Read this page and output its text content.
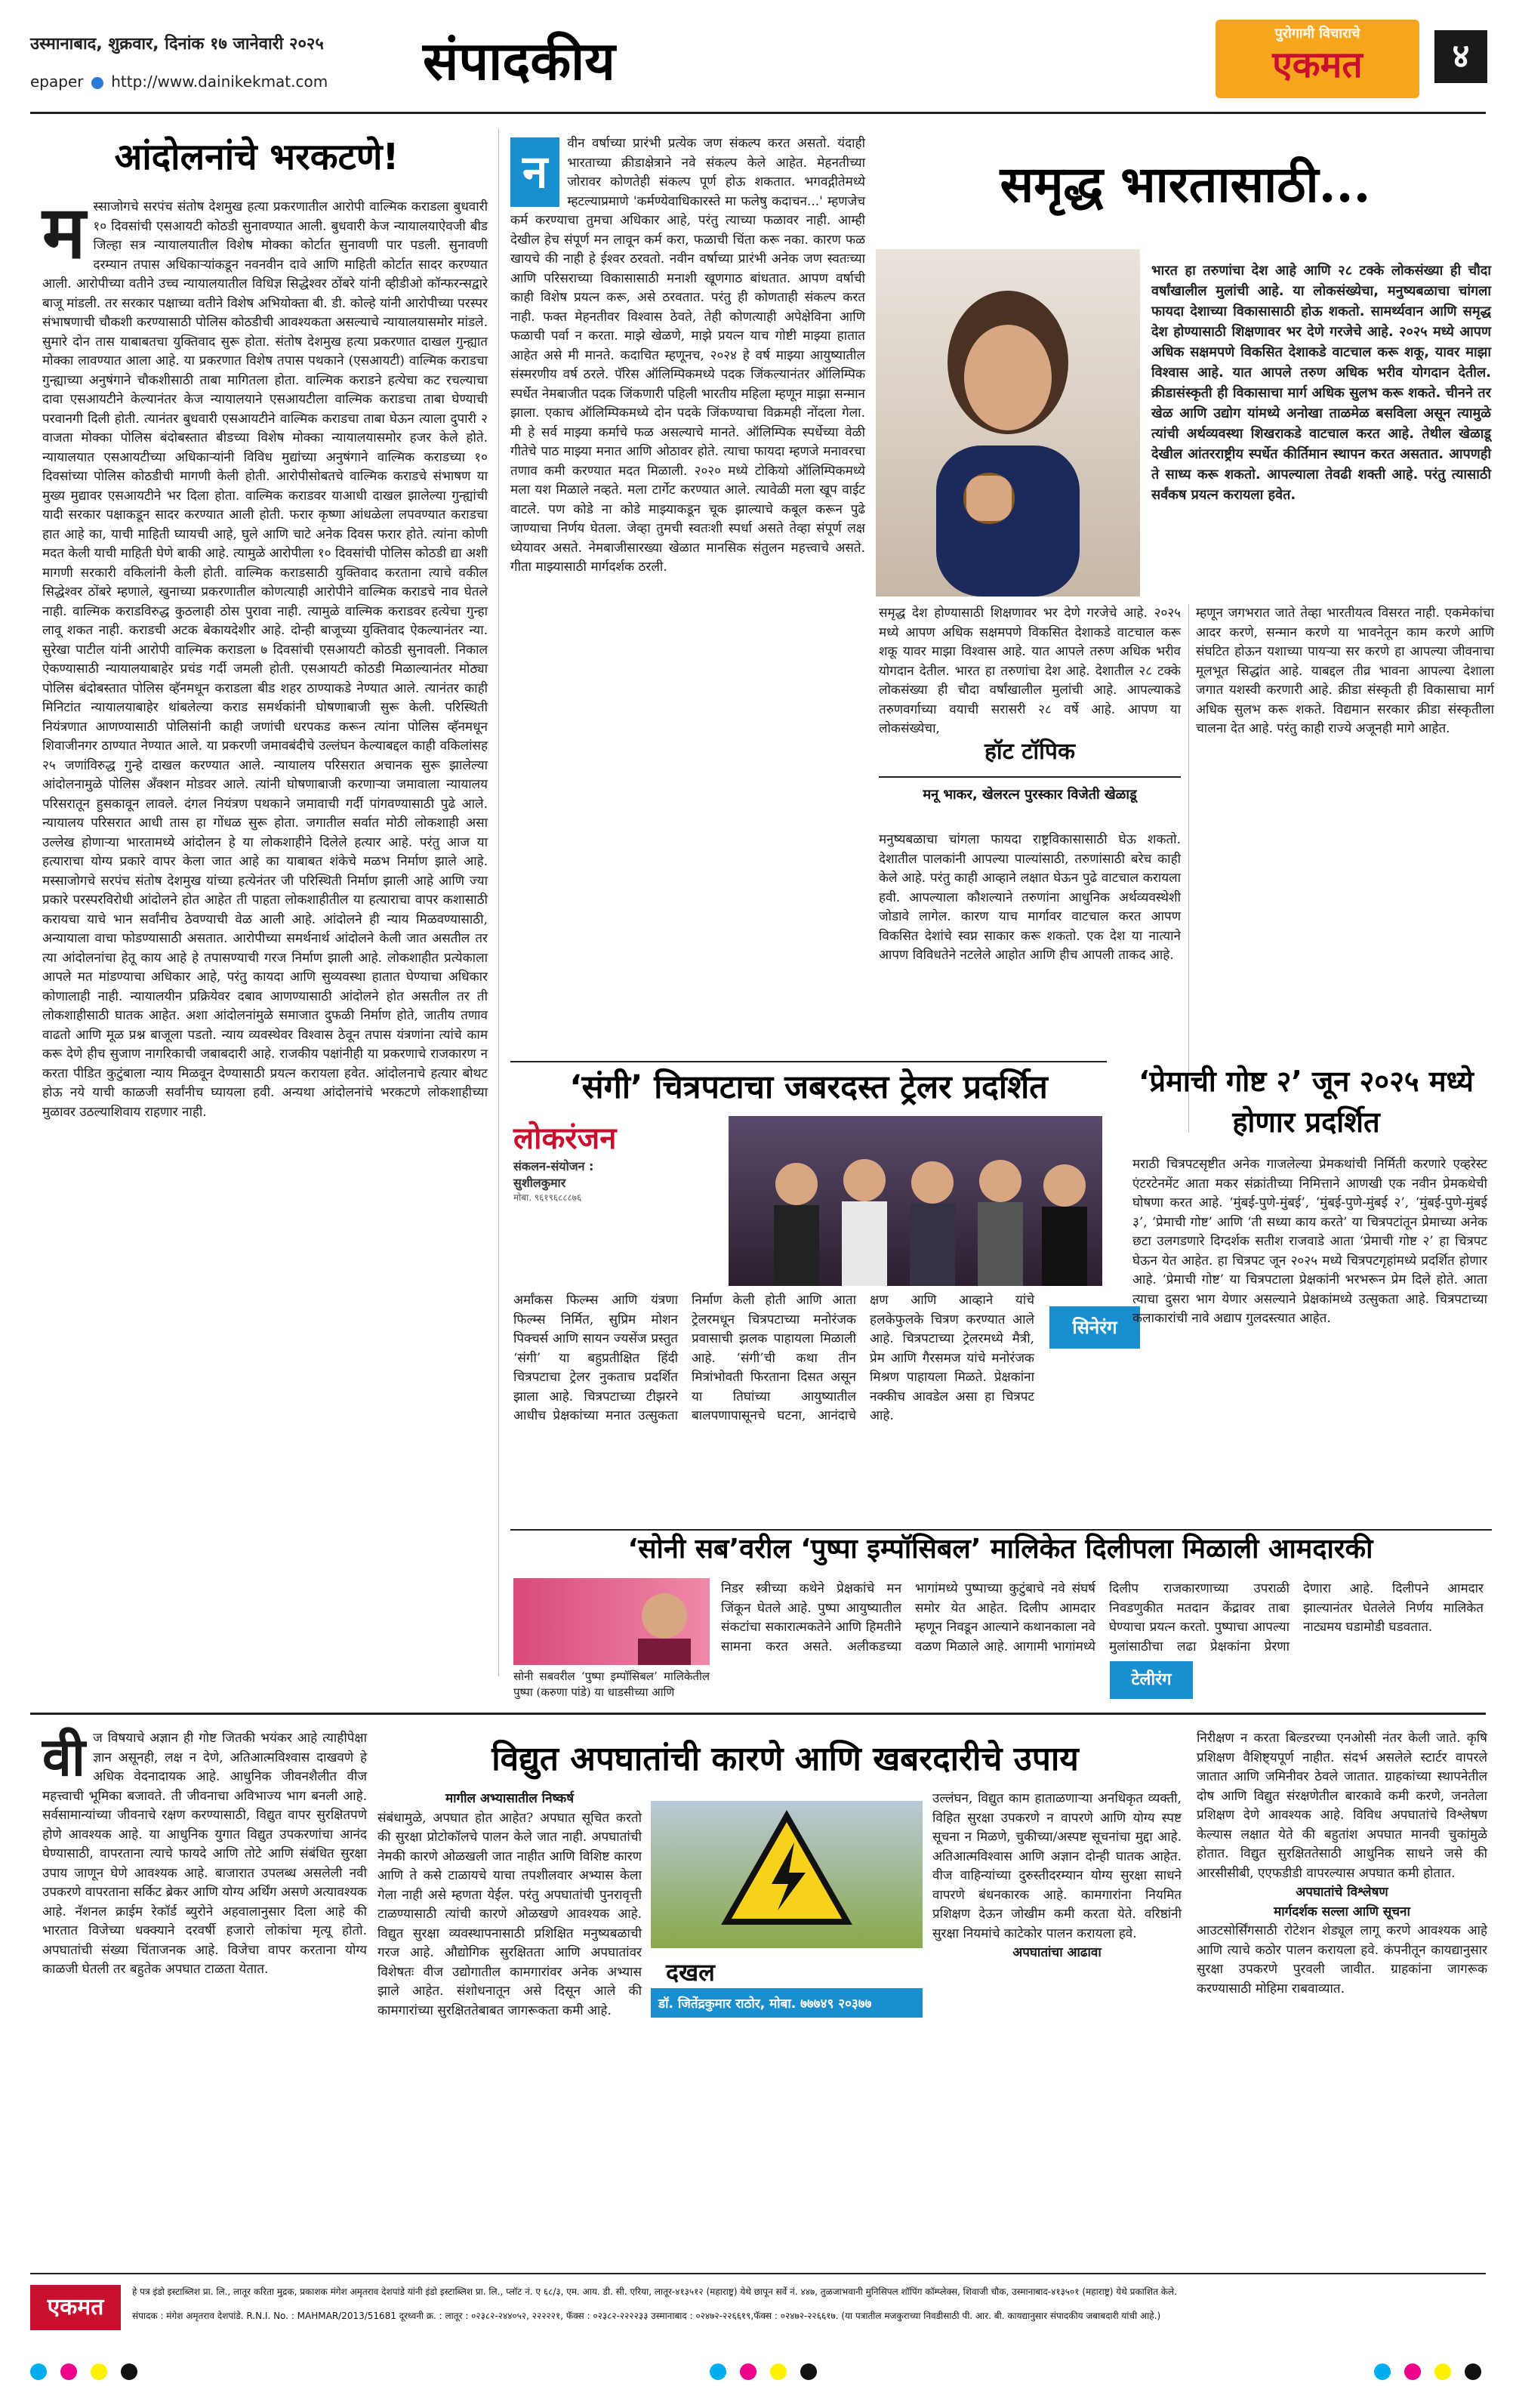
उस्मानाबाद, शुक्रवार, दिनांक १७ जानेवारी २०२५
epaper http://www.dainikekmat.com संपादकीय	पुरोगामी विचाराचे
एकमत	४
आंदोलनांचे भरकटणे!
म स्साजोगचे सरपंच संतोष देशमुख हत्या प्रकरणातील आरोपी वाल्मिक कराडला बुधवारी १० दिवसांची एसआयटी कोठडी सुनावण्यात आली. बुधवारी केज न्यायालयाऐवजी बीड जिल्हा सत्र न्यायालयातील विशेष मोक्का कोर्टात सुनावणी पार पडली. सुनावणी दरम्यान तपास अधिकाऱ्यांकडून नवनवीन दावे आणि माहिती कोर्टात सादर करण्यात आली. आरोपीच्या वतीने उच्च न्यायालयातील विधिज्ञ सिद्धेश्वर ठोंबरे यांनी व्हीडीओ कॉन्फरन्सद्वारे बाजू मांडली. तर सरकार पक्षाच्या वतीने विशेष अभियोक्ता बी. डी. कोल्हे यांनी आरोपीच्या परस्पर संभाषणाची चौकशी करण्यासाठी पोलिस कोठडीची आवश्यकता असल्याचे न्यायालयासमोर मांडले. सुमारे दोन तास याबाबतचा युक्तिवाद सुरू होता. संतोष देशमुख हत्या प्रकरणात दाखल गुन्ह्यात मोक्का लावण्यात आला आहे. या प्रकरणात विशेष तपास पथकाने (एसआयटी) वाल्मिक कराडचा गुन्ह्याच्या अनुषंगाने चौकशीसाठी ताबा मागितला होता. वाल्मिक कराडने हत्येचा कट रचल्याचा दावा एसआयटीने केल्यानंतर केज न्यायालयाने एसआयटीला वाल्मिक कराडचा ताबा घेण्याची परवानगी दिली होती. त्यानंतर बुधवारी एसआयटीने वाल्मिक कराडचा ताबा घेऊन त्याला दुपारी २ वाजता मोक्का पोलिस बंदोबस्तात बीडच्या विशेष मोक्का न्यायालयासमोर हजर केले होते. न्यायालयात एसआयटीच्या अधिकाऱ्यांनी विविध मुद्यांच्या अनुषंगाने वाल्मिक कराडच्या १० दिवसांच्या पोलिस कोठडीची मागणी केली होती. आरोपीसोबतचे वाल्मिक कराडचे संभाषण या मुख्य मुद्यावर एसआयटीने भर दिला होता. वाल्मिक कराडवर याआधी दाखल झालेल्या गुन्ह्यांची यादी सरकार पक्षाकडून सादर करण्यात आली होती. फरार कृष्णा आंधळेला लपवण्यात कराडचा हात आहे का, याची माहिती घ्यायची आहे, घुले आणि चाटे अनेक दिवस फरार होते. त्यांना कोणी मदत केली याची माहिती घेणे बाकी आहे. त्यामुळे आरोपीला १० दिवसांची पोलिस कोठडी द्या अशी मागणी सरकारी वकिलांनी केली होती. वाल्मिक कराडसाठी युक्तिवाद करताना त्याचे वकील सिद्धेश्वर ठोंबरे म्हणाले, खुनाच्या प्रकरणातील कोणत्याही आरोपीने वाल्मिक कराडचे नाव घेतले नाही. वाल्मिक कराडविरुद्ध कुठलाही ठोस पुरावा नाही. त्यामुळे वाल्मिक कराडवर हत्येचा गुन्हा लावू शकत नाही. कराडची अटक बेकायदेशीर आहे. दोन्ही बाजूच्या युक्तिवाद ऐकल्यानंतर न्या. सुरेखा पाटील यांनी आरोपी वाल्मिक कराडला ७ दिवसांची एसआयटी कोठडी सुनावली. निकाल ऐकण्यासाठी न्यायालयाबाहेर प्रचंड गर्दी जमली होती. एसआयटी कोठडी मिळाल्यानंतर मोठ्या पोलिस बंदोबस्तात पोलिस व्हॅनमधून कराडला बीड शहर ठाण्याकडे नेण्यात आले. त्यानंतर काही मिनिटांत न्यायालयाबाहेर थांबलेल्या कराड समर्थकांनी घोषणाबाजी सुरू केली. परिस्थिती नियंत्रणात आणण्यासाठी पोलिसांनी काही जणांची धरपकड करून त्यांना पोलिस व्हॅनमधून शिवाजीनगर ठाण्यात नेण्यात आले. या प्रकरणी जमावबंदीचे उल्लंघन केल्याबद्दल काही वकिलांसह २५ जणांविरुद्ध गुन्हे दाखल करण्यात आले. न्यायालय परिसरात अचानक सुरू झालेल्या आंदोलनामुळे पोलिस अँक्शन मोडवर आले. त्यांनी घोषणाबाजी करणाऱ्या जमावाला न्यायालय परिसरातून हुसकावून लावले. दंगल नियंत्रण पथकाने जमावाची गर्दी पांगवण्यासाठी पुढे आले. न्यायालय परिसरात आधी तास हा गोंधळ सुरू होता. जगातील सर्वात मोठी लोकशाही असा उल्लेख होणाऱ्या भारतामध्ये आंदोलन हे या लोकशाहीने दिलेले हत्यार आहे. परंतु आज या हत्याराचा योग्य प्रकारे वापर केला जात आहे का याबाबत शंकेचे मळभ निर्माण झाले आहे. मस्साजोगचे सरपंच संतोष देशमुख यांच्या हत्येनंतर जी परिस्थिती निर्माण झाली आहे आणि ज्या प्रकारे परस्परविरोधी आंदोलने होत आहेत ती पाहता लोकशाहीतील या हत्याराचा वापर कशासाठी करायचा याचे भान सर्वांनीच ठेवण्याची वेळ आली आहे. आंदोलने ही न्याय मिळवण्यासाठी, अन्यायाला वाचा फोडण्यासाठी असतात. आरोपीच्या समर्थनार्थ आंदोलने केली जात असतील तर त्या आंदोलनांचा हेतू काय आहे हे तपासण्याची गरज निर्माण झाली आहे. लोकशाहीत प्रत्येकाला आपले मत मांडण्याचा अधिकार आहे, परंतु कायदा आणि सुव्यवस्था हातात घेण्याचा अधिकार कोणालाही नाही. न्यायालयीन प्रक्रियेवर दबाव आणण्यासाठी आंदोलने होत असतील तर ती लोकशाहीसाठी घातक आहेत. अशा आंदोलनांमुळे समाजात दुफळी निर्माण होते, जातीय तणाव वाढतो आणि मूळ प्रश्न बाजूला पडतो. न्याय व्यवस्थेवर विश्वास ठेवून तपास यंत्रणांना त्यांचे काम करू देणे हीच सुजाण नागरिकाची जबाबदारी आहे. राजकीय पक्षांनीही या प्रकरणाचे राजकारण न करता पीडित कुटुंबाला न्याय मिळवून देण्यासाठी प्रयत्न करायला हवेत. आंदोलनाचे हत्यार बोथट होऊ नये याची काळजी सर्वांनीच घ्यायला हवी. अन्यथा आंदोलनांचे भरकटणे लोकशाहीच्या मुळावर उठल्याशिवाय राहणार नाही.
न
वीन वर्षाच्या प्रारंभी प्रत्येक जण संकल्प करत असतो. यंदाही भारताच्या क्रीडाक्षेत्राने नवे संकल्प केले आहेत. मेहनतीच्या जोरावर कोणतेही संकल्प पूर्ण होऊ शकतात. भगवद्गीतेमध्ये म्हटल्याप्रमाणे 'कर्मण्येवाधिकारस्ते मा फलेषु कदाचन...' म्हणजेच कर्म करण्याचा तुमचा अधिकार आहे, परंतु त्याच्या फळावर नाही. आम्ही देखील हेच संपूर्ण मन लावून कर्म करा, फळाची चिंता करू नका. कारण फळ खायचे की नाही हे ईश्वर ठरवतो. नवीन वर्षाच्या प्रारंभी अनेक जण स्वतःच्या आणि परिसराच्या विकासासाठी मनाशी खूणगाठ बांधतात. आपण वर्षाची काही विशेष प्रयत्न करू, असे ठरवतात. परंतु ही कोणताही संकल्प करत नाही. फक्त मेहनतीवर विश्वास ठेवते, तेही कोणत्याही अपेक्षेविना आणि फळाची पर्वा न करता. माझे खेळणे, माझे प्रयत्न याच गोष्टी माझ्या हातात आहेत असे मी मानते. कदाचित म्हणूनच, २०२४ हे वर्ष माझ्या आयुष्यातील संस्मरणीय वर्ष ठरले. पॅरिस ऑलिम्पिकमध्ये पदक जिंकल्यानंतर ऑलिम्पिक स्पर्धेत नेमबाजीत पदक जिंकणारी पहिली भारतीय महिला म्हणून माझा सन्मान झाला. एकाच ऑलिम्पिकमध्ये दोन पदके जिंकण्याचा विक्रमही नोंदला गेला. मी हे सर्व माझ्या कर्माचे फळ असल्याचे मानते. ऑलिम्पिक स्पर्धेच्या वेळी गीतेचे पाठ माझ्या मनात आणि ओठावर होते. त्याचा फायदा म्हणजे मनावरचा तणाव कमी करण्यात मदत मिळाली. २०२० मध्ये टोकियो ऑलिम्पिकमध्ये मला यश मिळाले नव्हते. मला टार्गेट करण्यात आले. त्यावेळी मला खूप वाईट वाटले. पण कोडे ना कोडे माझ्याकडून चूक झाल्याचे कबूल करून पुढे जाण्याचा निर्णय घेतला. जेव्हा तुमची स्वतःशी स्पर्धा असते तेव्हा संपूर्ण लक्ष ध्येयावर असते. नेमबाजीसारख्या खेळात मानसिक संतुलन महत्त्वाचे असते. गीता माझ्यासाठी मार्गदर्शक ठरली.
समृद्ध भारतासाठी...
भारत हा तरुणांचा देश आहे आणि २८ टक्के लोकसंख्या ही चौदा वर्षांखालील मुलांची आहे. या लोकसंख्येचा, मनुष्यबळाचा चांगला फायदा देशाच्या विकासासाठी होऊ शकतो. सामर्थ्यवान आणि समृद्ध देश होण्यासाठी शिक्षणावर भर देणे गरजेचे आहे. २०२५ मध्ये आपण अधिक सक्षमपणे विकसित देशाकडे वाटचाल करू शकू, यावर माझा विश्वास आहे. यात आपले तरुण अधिक भरीव योगदान देतील. क्रीडासंस्कृती ही विकासाचा मार्ग अधिक सुलभ करू शकते. चीनने तर खेळ आणि उद्योग यांमध्ये अनोखा ताळमेळ बसविला असून त्यामुळे त्यांची अर्थव्यवस्था शिखराकडे वाटचाल करत आहे. तेथील खेळाडू देखील आंतरराष्ट्रीय स्पर्धेत कीर्तिमान स्थापन करत असतात. आपणही ते साध्य करू शकतो. आपल्याला तेवढी शक्ती आहे. परंतु त्यासाठी सर्वंकष प्रयत्न करायला हवेत.
समृद्ध देश होण्यासाठी शिक्षणावर भर देणे गरजेचे आहे. २०२५ मध्ये आपण अधिक सक्षमपणे विकसित देशाकडे वाटचाल करू शकू यावर माझा विश्वास आहे. यात आपले तरुण अधिक भरीव योगदान देतील. भारत हा तरुणांचा देश आहे. देशातील २८ टक्के लोकसंख्या ही चौदा वर्षांखालील मुलांची आहे. आपल्याकडे तरुणवर्गाच्या वयाची सरासरी २८ वर्षे आहे. आपण या लोकसंख्येचा,
म्हणून जगभरात जाते तेव्हा भारतीयत्व विसरत नाही. एकमेकांचा आदर करणे, सन्मान करणे या भावनेतून काम करणे आणि संघटित होऊन यशाच्या पायऱ्या सर करणे हा आपल्या जीवनाचा मूलभूत सिद्धांत आहे. याबद्दल तीव्र भावना आपल्या देशाला जगात यशस्वी करणारी आहे. क्रीडा संस्कृती ही विकासाचा मार्ग अधिक सुलभ करू शकते. विद्यमान सरकार क्रीडा संस्कृतीला चालना देत आहे. परंतु काही राज्ये अजूनही मागे आहेत.
हॉट टॉपिक
मनू भाकर, खेलरत्न पुरस्कार विजेती खेळाडू
मनुष्यबळाचा चांगला फायदा राष्ट्रविकासासाठी घेऊ शकतो. देशातील पालकांनी आपल्या पाल्यांसाठी, तरुणांसाठी बरेच काही केले आहे. परंतु काही आव्हाने लक्षात घेऊन पुढे वाटचाल करायला हवी. आपल्याला कौशल्याने तरुणांना आधुनिक अर्थव्यवस्थेशी जोडावे लागेल. कारण याच मार्गावर वाटचाल करत आपण विकसित देशांचे स्वप्न साकार करू शकतो. एक देश या नात्याने आपण विविधतेने नटलेले आहोत आणि हीच आपली ताकद आहे.
‘संगी’ चित्रपटाचा जबरदस्त ट्रेलर प्रदर्शित
लोकरंजन
संकलन-संयोजन :
सुशीलकुमार
मोबा. ९६१९६८८८७६
अर्मांकस फिल्म्स आणि यंत्रणा फिल्म्स निर्मित, सुप्रिम मोशन पिक्चर्स आणि सायन ज्यसेंज प्रस्तुत ‘संगी’ या बहुप्रतीक्षित हिंदी चित्रपटाचा ट्रेलर नुकताच प्रदर्शित झाला आहे. चित्रपटाच्या टीझरने आधीच प्रेक्षकांच्या मनात उत्सुकता निर्माण केली होती आणि आता ट्रेलरमधून चित्रपटाच्या मनोरंजक प्रवासाची झलक पाहायला मिळाली आहे. ‘संगी’ची कथा तीन मित्रांभोवती फिरताना दिसत असून या तिघांच्या आयुष्यातील बालपणापासूनचे घटना, आनंदाचे क्षण आणि आव्हाने यांचे हलकेफुलके चित्रण करण्यात आले आहे. चित्रपटाच्या ट्रेलरमध्ये मैत्री, प्रेम आणि गैरसमज यांचे मनोरंजक मिश्रण पाहायला मिळते. प्रेक्षकांना नक्कीच आवडेल असा हा चित्रपट आहे.
सिनेरंग
‘प्रेमाची गोष्ट २’ जून २०२५ मध्ये होणार प्रदर्शित
मराठी चित्रपटसृष्टीत अनेक गाजलेल्या प्रेमकथांची निर्मिती करणारे एव्हरेस्ट एंटरटेनमेंट आता मकर संक्रांतीच्या निमित्ताने आणखी एक नवीन प्रेमकथेची घोषणा करत आहे. ‘मुंबई-पुणे-मुंबई’, ‘मुंबई-पुणे-मुंबई २’, ‘मुंबई-पुणे-मुंबई ३’, ‘प्रेमाची गोष्ट’ आणि ‘ती सध्या काय करते’ या चित्रपटांतून प्रेमाच्या अनेक छटा उलगडणारे दिग्दर्शक सतीश राजवाडे आता ‘प्रेमाची गोष्ट २’ हा चित्रपट घेऊन येत आहेत. हा चित्रपट जून २०२५ मध्ये चित्रपटगृहांमध्ये प्रदर्शित होणार आहे. ‘प्रेमाची गोष्ट’ या चित्रपटाला प्रेक्षकांनी भरभरून प्रेम दिले होते. आता त्याचा दुसरा भाग येणार असल्याने प्रेक्षकांमध्ये उत्सुकता आहे. चित्रपटाच्या कलाकारांची नावे अद्याप गुलदस्त्यात आहेत.
‘सोनी सब’वरील ‘पुष्पा इम्पॉसिबल’ मालिकेत दिलीपला मिळाली आमदारकी
सोनी सबवरील ‘पुष्पा इम्पॉसिबल’ मालिकेतील पुष्पा (करुणा पांडे) या धाडसीच्या आणि
निडर स्त्रीच्या कथेने प्रेक्षकांचे मन जिंकून घेतले आहे. पुष्पा आयुष्यातील संकटांचा सकारात्मकतेने आणि हिमतीने सामना करत असते. अलीकडच्या भागांमध्ये पुष्पाच्या कुटुंबाचे नवे संघर्ष समोर येत आहेत. दिलीप आमदार म्हणून निवडून आल्याने कथानकाला नवे वळण मिळाले आहे. आगामी भागांमध्ये दिलीप राजकारणाच्या उपराळी निवडणुकीत मतदान केंद्रावर ताबा घेण्याचा प्रयत्न करतो. पुष्पाचा आपल्या मुलांसाठीचा लढा प्रेक्षकांना प्रेरणा देणारा आहे. दिलीपने आमदार झाल्यानंतर घेतलेले निर्णय मालिकेत नाट्यमय घडामोडी घडवतात.
टेलीरंग
वी ज विषयाचे अज्ञान ही गोष्ट जितकी भयंकर आहे त्याहीपेक्षा ज्ञान असूनही, लक्ष न देणे, अतिआत्मविश्वास दाखवणे हे अधिक वेदनादायक आहे. आधुनिक जीवनशैलीत वीज महत्त्वाची भूमिका बजावते. ती जीवनाचा अविभाज्य भाग बनली आहे. सर्वसामान्यांच्या जीवनाचे रक्षण करण्यासाठी, विद्युत वापर सुरक्षितपणे होणे आवश्यक आहे. या आधुनिक युगात विद्युत उपकरणांचा आनंद घेण्यासाठी, वापरताना त्याचे फायदे आणि तोटे आणि संबंधित सुरक्षा उपाय जाणून घेणे आवश्यक आहे. बाजारात उपलब्ध असलेली नवी उपकरणे वापरताना सर्किट ब्रेकर आणि योग्य अर्थिंग असणे अत्यावश्यक आहे. नॅशनल क्राईम रेकॉर्ड ब्युरोने अहवालानुसार दिला आहे की भारतात विजेच्या धक्क्याने दरवर्षी हजारो लोकांचा मृत्यू होतो. अपघातांची संख्या चिंताजनक आहे. विजेचा वापर करताना योग्य काळजी घेतली तर बहुतेक अपघात टाळता येतात.
विद्युत अपघातांची कारणे आणि खबरदारीचे उपाय
मागील अभ्यासातील निष्कर्ष
संबंधामुळे, अपघात होत आहेत? अपघात सूचित करतो की सुरक्षा प्रोटोकॉलचे पालन केले जात नाही. अपघातांची नेमकी कारणे ओळखली जात नाहीत आणि विशिष्ट कारण आणि ते कसे टाळायचे याचा तपशीलवार अभ्यास केला गेला नाही असे म्हणता येईल. परंतु अपघातांची पुनरावृत्ती टाळण्यासाठी त्यांची कारणे ओळखणे आवश्यक आहे. विद्युत सुरक्षा व्यवस्थापनासाठी प्रशिक्षित मनुष्यबळाची गरज आहे. औद्योगिक सुरक्षितता आणि अपघातांवर विशेषतः वीज उद्योगातील कामगारांवर अनेक अभ्यास झाले आहेत. संशोधनातून असे दिसून आले की कामगारांच्या सुरक्षिततेबाबत जागरूकता कमी आहे.
दखल
डॉ. जितेंद्रकुमार राठोर, मोबा. ७७७४९ २०३७७
उल्लंघन, विद्युत काम हाताळणाऱ्या अनधिकृत व्यक्ती, विहित सुरक्षा उपकरणे न वापरणे आणि योग्य स्पष्ट सूचना न मिळणे, चुकीच्या/अस्पष्ट सूचनांचा मुद्दा आहे. अतिआत्मविश्वास आणि अज्ञान दोन्ही घातक आहेत. वीज वाहिन्यांच्या दुरुस्तीदरम्यान योग्य सुरक्षा साधने वापरणे बंधनकारक आहे. कामगारांना नियमित प्रशिक्षण देऊन जोखीम कमी करता येते. वरिष्ठांनी सुरक्षा नियमांचे काटेकोर पालन करायला हवे.
अपघातांचा आढावा
निरीक्षण न करता बिल्डरच्या एनओसी नंतर केली जाते. कृषि प्रशिक्षण वैशिष्ट्यपूर्ण नाहीत. संदर्भ असलेले स्टार्टर वापरले जातात आणि जमिनीवर ठेवले जातात. ग्राहकांच्या स्थापनेतील दोष आणि विद्युत संरक्षणेतील बारकावे कमी करणे, जनतेला प्रशिक्षण देणे आवश्यक आहे. विविध अपघातांचे विश्लेषण केल्यास लक्षात येते की बहुतांश अपघात मानवी चुकांमुळे होतात. विद्युत सुरक्षिततेसाठी आधुनिक साधने जसे की आरसीसीबी, एएफडीडी वापरल्यास अपघात कमी होतात.
अपघातांचे विश्लेषण
मार्गदर्शक सल्ला आणि सूचना
आउटसोर्सिंगसाठी रोटेशन शेड्यूल लागू करणे आवश्यक आहे आणि त्याचे कठोर पालन करायला हवे. कंपनीतून कायद्यानुसार सुरक्षा उपकरणे पुरवली जावीत. ग्राहकांना जागरूक करण्यासाठी मोहिमा राबवाव्यात.
एकमत
हे पत्र इंडो इस्टाब्लिश प्रा. लि., लातूर करिता मुद्रक, प्रकाशक मंगेश अमृतराव देशपांडे यांनी इंडो इस्टाब्लिश प्रा. लि., प्लॉट नं. ए ६८/३, एम. आय. डी. सी. एरिया, लातूर-४१३५१२ (महाराष्ट्र) येथे छापून सर्वे नं. ४४७, तुळजाभवानी मुनिसिपल शॉपिंग कॉम्प्लेक्स, शिवाजी चौक, उस्मानाबाद-४१३५०१ (महाराष्ट्र) येथे प्रकाशित केले.
संपादक : मंगेश अमृतराव देशपांडे. R.N.I. No. : MAHMAR/2013/51681 दूरध्वनी क्र. : लातूर : ०२३८२-२४४०५२, २२२२२१, फॅक्स : ०२३८२-२२२२३३ उस्मानाबाद : ०२४७२-२२६६१९,फॅक्स : ०२४७२-२२६६१७. (या पत्रातील मजकुराच्या निवडीसाठी पी. आर. बी. कायद्यानुसार संपादकीय जबाबदारी यांची आहे.)
